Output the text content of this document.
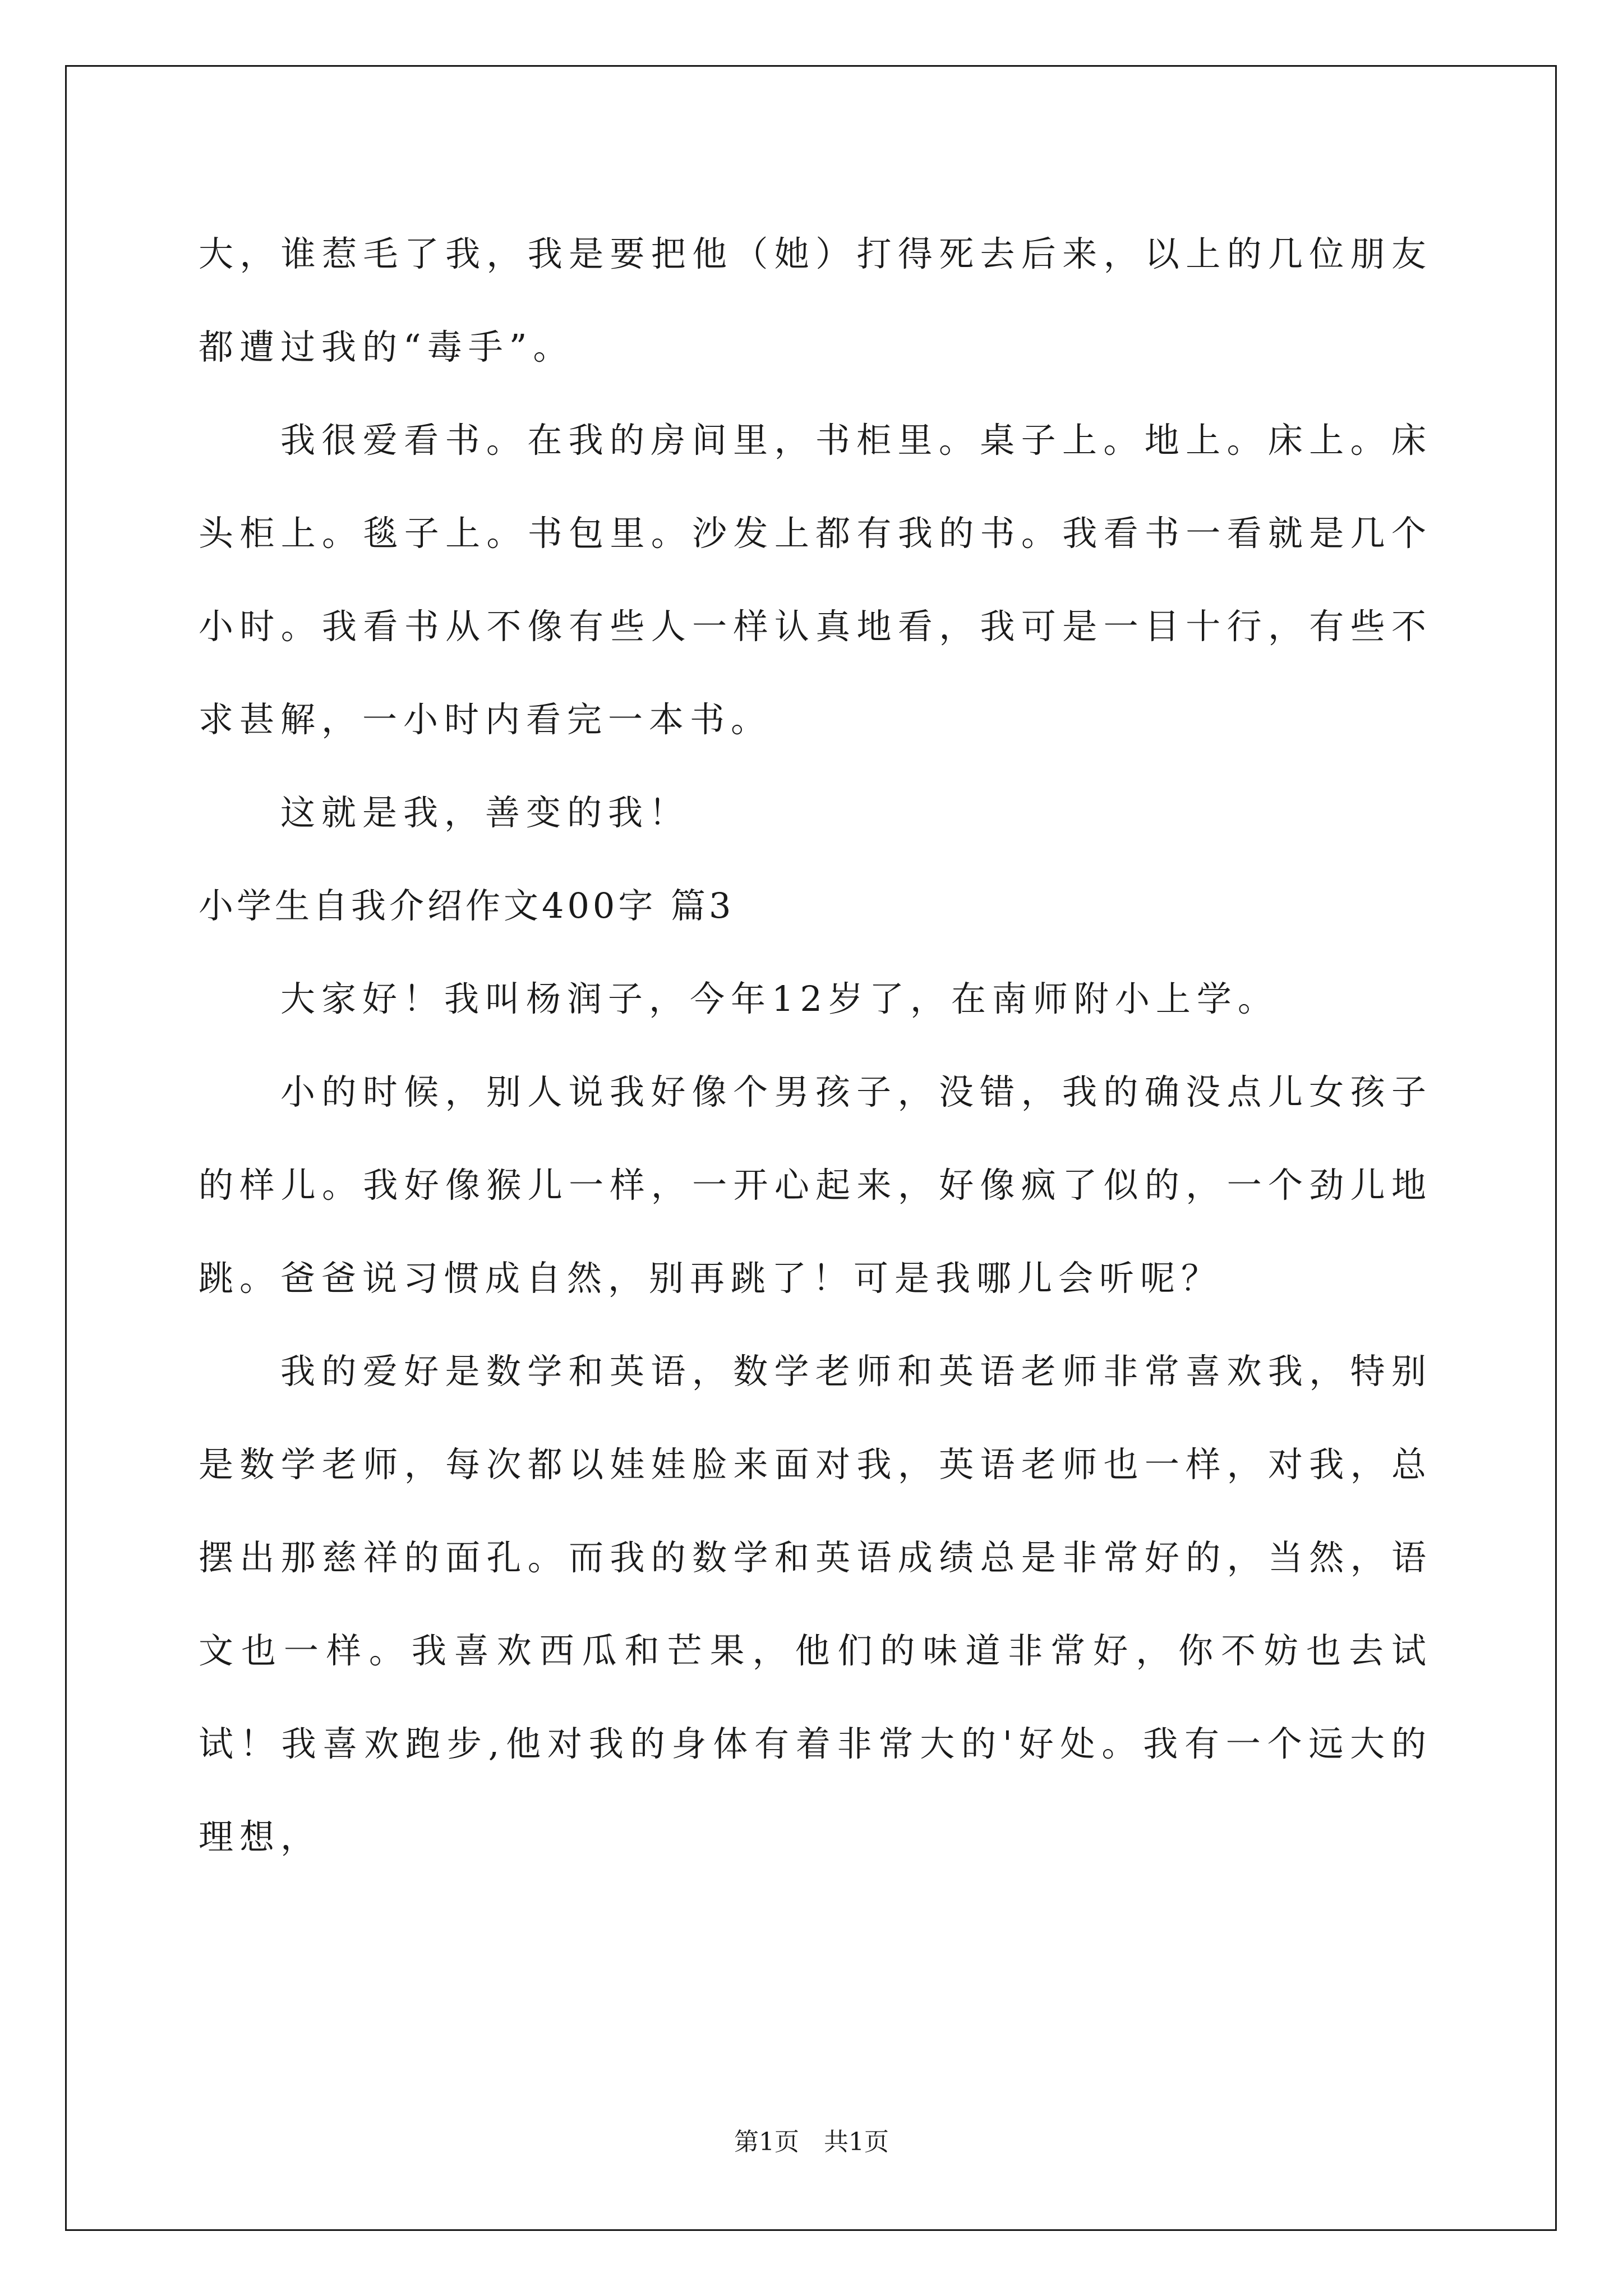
大，谁惹毛了我，我是要把他（她）打得死去后来，以上的几位朋友都遭过我的“毒手”。

我很爱看书。在我的房间里，书柜里。桌子上。地上。床上。床头柜上。毯子上。书包里。沙发上都有我的书。我看书一看就是几个小时。我看书从不像有些人一样认真地看，我可是一目十行，有些不求甚解，一小时内看完一本书。

这就是我，善变的我！

小学生自我介绍作文400字 篇3

大家好！我叫杨润子，今年12岁了，在南师附小上学。

小的时候，别人说我好像个男孩子，没错，我的确没点儿女孩子的样儿。我好像猴儿一样，一开心起来，好像疯了似的，一个劲儿地跳。爸爸说习惯成自然，别再跳了！可是我哪儿会听呢？

我的爱好是数学和英语，数学老师和英语老师非常喜欢我，特别是数学老师，每次都以娃娃脸来面对我，英语老师也一样，对我，总摆出那慈祥的面孔。而我的数学和英语成绩总是非常好的，当然，语文也一样。我喜欢西瓜和芒果，他们的味道非常好，你不妨也去试试！我喜欢跑步,他对我的身体有着非常大的'好处。我有一个远大的理想，

第1页　共1页
